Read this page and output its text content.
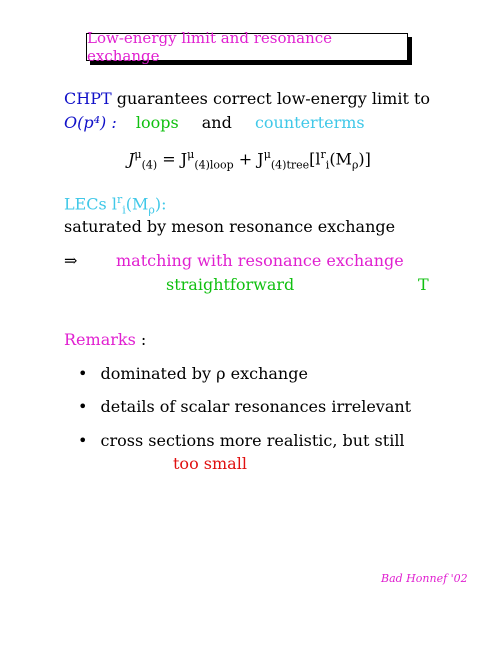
Low-energy limit and resonance exchange
CHPT guarantees correct low-energy limit to
O(p⁴) : loops and counterterms
$J^\mu_{(4)} = J^\mu_{(4)loop} + J^\mu_{(4)tree}[l^r_i(M_\rho)]$
LECs $l^r_i(M_\rho)$:
saturated by meson resonance exchange
⇒ matching with resonance exchange
straightforward	T
Remarks :
• dominated by ρ exchange
• details of scalar resonances irrelevant
• cross sections more realistic, but still
too small
Bad Honnef '02
